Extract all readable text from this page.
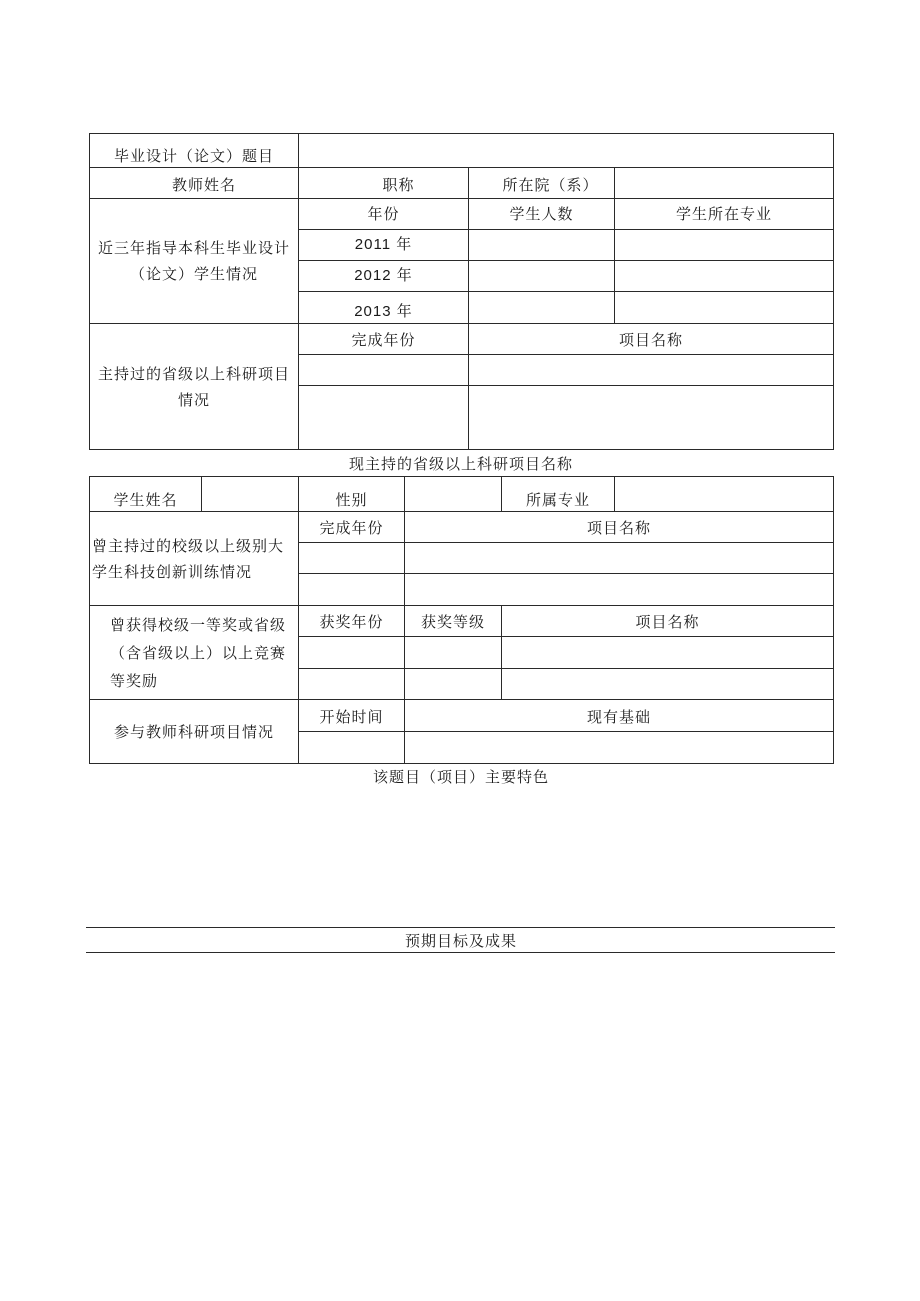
毕业设计（论文）题目			
教师姓名	职称	所在院（系）	
近三年指导本科生毕业设计（论文）学生情况	年份	学生人数	学生所在专业
	2011 年		
	2012 年		
	2013 年		
主持过的省级以上科研项目情况	完成年份	项目名称	

现主持的省级以上科研项目名称
学生姓名		性别		所属专业	
曾主持过的校级以上级别大学生科技创新训练情况		完成年份	项目名称		

曾获得校级一等奖或省级（含省级以上）以上竞赛等奖励		获奖年份	获奖等级	项目名称	

参与教师科研项目情况		开始时间	现有基础		

该题目（项目）主要特色
预期目标及成果
